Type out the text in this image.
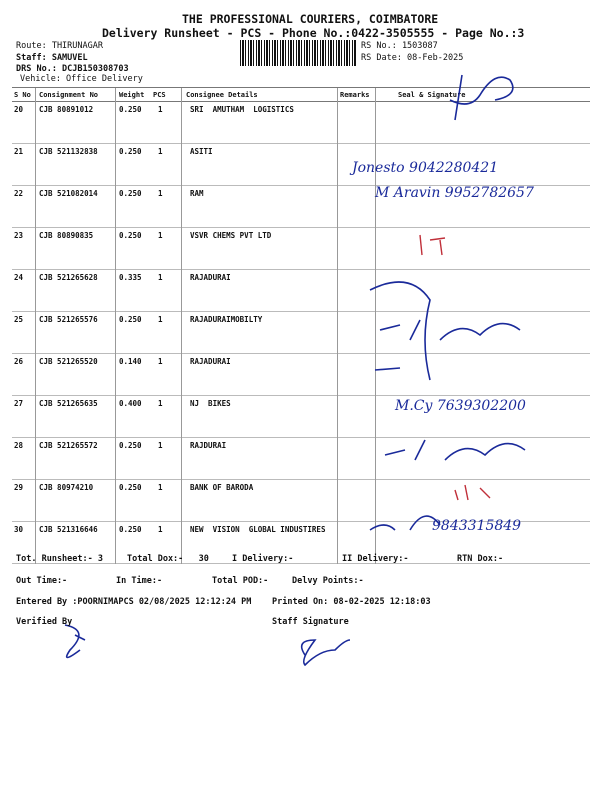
THE PROFESSIONAL COURIERS, COIMBATORE
Delivery Runsheet - PCS - Phone No.:0422-3505555 - Page No.:3
Route: THIRUNAGAR
Staff: SAMUVEL
DRS No.: DCJB150308703
Vehicle: Office Delivery
RS No.: 1503087
RS Date: 08-Feb-2025
S No Consignment No	Weight PCS	Consignee Details	Remarks	Seal & Signature
20 CJB 80891012	0.250 1	SRI  AMUTHAM  LOGISTICS
21 CJB 521132838	0.250 1	ASITI
22 CJB 521082014	0.250 1	RAM
23 CJB 80890835	0.250 1	VSVR CHEMS PVT LTD
24 CJB 521265628	0.335 1	RAJADURAI
25 CJB 521265576	0.250 1	RAJADURAIMOBILTY
26 CJB 521265520	0.140 1	RAJADURAI
27 CJB 521265635	0.400 1	NJ  BIKES
28 CJB 521265572	0.250 1	RAJDURAI
29 CJB 80974210	0.250 1	BANK OF BARODA
30 CJB 521316646	0.250 1	NEW  VISION  GLOBAL INDUSTIRES
Jonesto 9042280421
M Aravin 9952782657
M.Cy 7639302200
9843315849
Tot. Runsheet:- 3	Total Dox:-   30	I Delivery:-	II Delivery:-	RTN Dox:-
Out Time:-	In Time:-	Total POD:-	Delvy Points:-
Entered By :POORNIMAPCS 02/08/2025 12:12:24 PM Printed On: 08-02-2025 12:18:03
Verified By	Staff Signature
